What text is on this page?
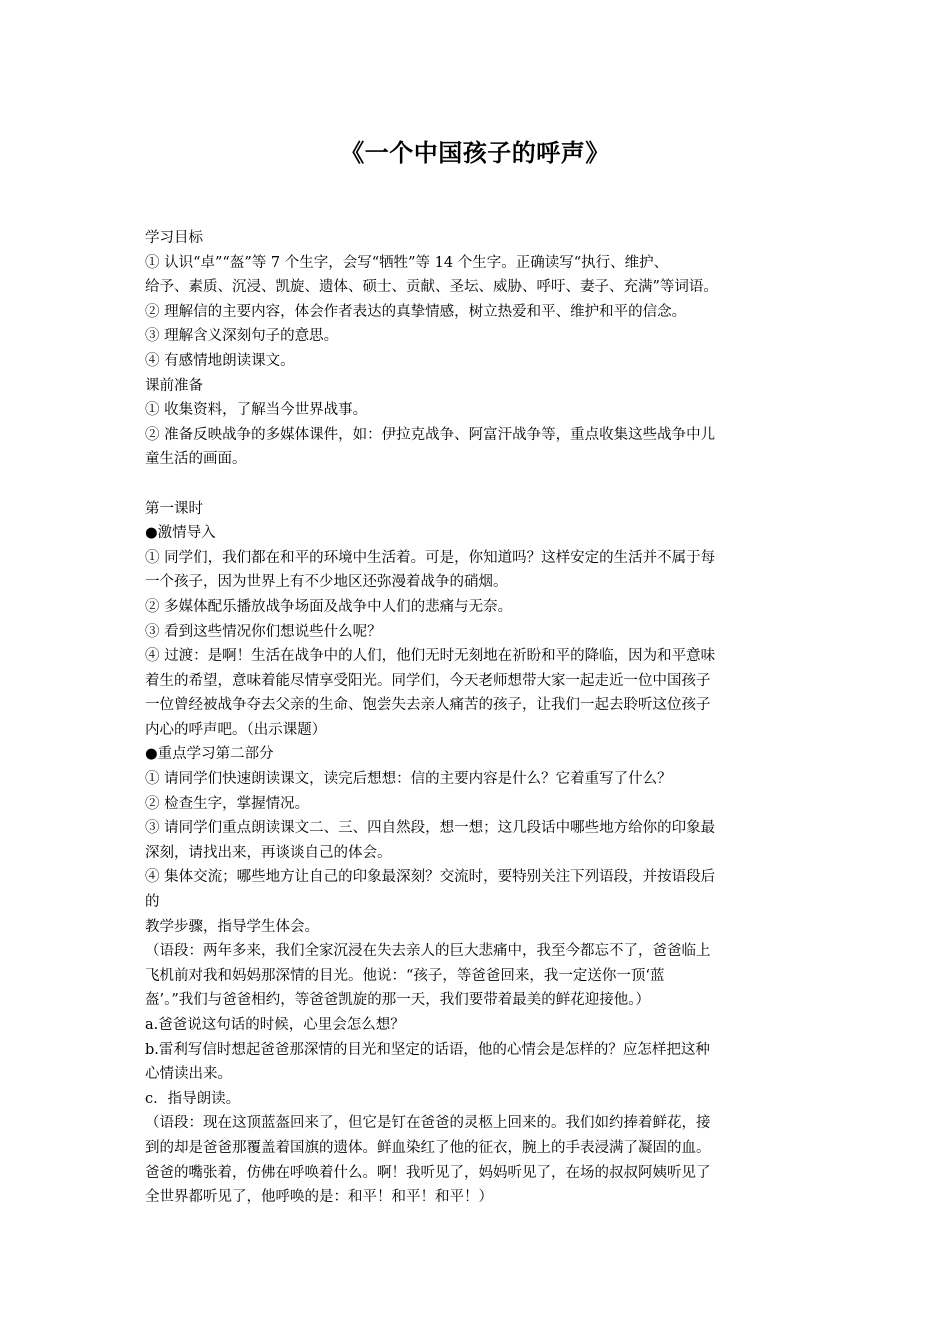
《一个中国孩子的呼声》
学习目标
① 认识“卓”“盔”等 7 个生字，会写“牺牲”等 14 个生字。正确读写“执行、维护、
给予、素质、沉浸、凯旋、遗体、硕士、贡献、圣坛、威胁、呼吁、妻子、充满”等词语。
② 理解信的主要内容，体会作者表达的真挚情感，树立热爱和平、维护和平的信念。
③ 理解含义深刻句子的意思。
④ 有感情地朗读课文。
课前准备
① 收集资料，了解当今世界战事。
② 准备反映战争的多媒体课件，如：伊拉克战争、阿富汗战争等，重点收集这些战争中儿
童生活的画面。
第一课时
●激情导入
① 同学们，我们都在和平的环境中生活着。可是，你知道吗？这样安定的生活并不属于每
一个孩子，因为世界上有不少地区还弥漫着战争的硝烟。
② 多媒体配乐播放战争场面及战争中人们的悲痛与无奈。
③ 看到这些情况你们想说些什么呢？
④ 过渡：是啊！生活在战争中的人们，他们无时无刻地在祈盼和平的降临，因为和平意味
着生的希望，意味着能尽情享受阳光。同学们，今天老师想带大家一起走近一位中国孩子
一位曾经被战争夺去父亲的生命、饱尝失去亲人痛苦的孩子，让我们一起去聆听这位孩子
内心的呼声吧。（出示课题）
●重点学习第二部分
① 请同学们快速朗读课文，读完后想想：信的主要内容是什么？它着重写了什么？
② 检查生字，掌握情况。
③ 请同学们重点朗读课文二、三、四自然段，想一想；这几段话中哪些地方给你的印象最
深刻，请找出来，再谈谈自己的体会。
④ 集体交流；哪些地方让自己的印象最深刻？交流时，要特别关注下列语段，并按语段后
的
教学步骤，指导学生体会。
（语段：两年多来，我们全家沉浸在失去亲人的巨大悲痛中，我至今都忘不了，爸爸临上
飞机前对我和妈妈那深情的目光。他说：“孩子，等爸爸回来，我一定送你一顶‘蓝
盔’。”我们与爸爸相约，等爸爸凯旋的那一天，我们要带着最美的鲜花迎接他。）
a.爸爸说这句话的时候，心里会怎么想？
b.雷利写信时想起爸爸那深情的目光和坚定的话语，他的心情会是怎样的？应怎样把这种
心情读出来。
c．指导朗读。
（语段：现在这顶蓝盔回来了，但它是钉在爸爸的灵柩上回来的。我们如约捧着鲜花，接
到的却是爸爸那覆盖着国旗的遗体。鲜血染红了他的征衣，腕上的手表浸满了凝固的血。
爸爸的嘴张着，仿佛在呼唤着什么。啊！我听见了，妈妈听见了，在场的叔叔阿姨听见了
全世界都听见了，他呼唤的是：和平！和平！和平！）
